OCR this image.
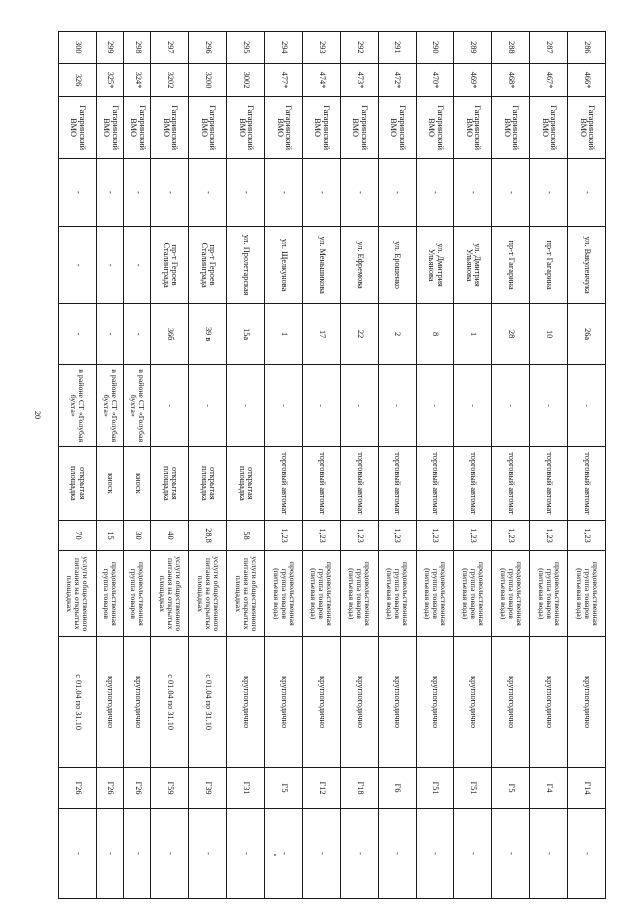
20
286	466*	Гагаринский ВМО	-	ул. Вакуленчука	26а	-	торговый автомат	1,23	продовольственная группа товаров (питьевая вода)	круглогодично	Г14	-
287	467*	Гагаринский ВМО	-	пр-т Гагарина	10	-	торговый автомат	1,23	продовольственная группа товаров (питьевая вода)	круглогодично	Г4	-
288	468*	Гагаринский ВМО	-	пр-т Гагарина	28	-	торговый автомат	1,23	продовольственная группа товаров (питьевая вода)	круглогодично	Г5	-
289	469*	Гагаринский ВМО	-	ул. Дмитрия Ульянова	1	-	торговый автомат	1,23	продовольственная группа товаров (питьевая вода)	круглогодично	Г51	-
290	470*	Гагаринский ВМО	-	ул. Дмитрия Ульянова	8	-	торговый автомат	1,23	продовольственная группа товаров (питьевая вода)	круглогодично	Г51	-
291	472*	Гагаринский ВМО	-	ул. Ерошенко	2	-	торговый автомат	1,23	продовольственная группа товаров (питьевая вода)	круглогодично	Г6	-
292	473*	Гагаринский ВМО	-	ул. Ефремова	22	-	торговый автомат	1,23	продовольственная группа товаров (питьевая вода)	круглогодично	Г18	-
293	474*	Гагаринский ВМО	-	ул. Меньшикова	17	-	торговый автомат	1,23	продовольственная группа товаров (питьевая вода)	круглогодично	Г12	-
294	477*	Гагаринский ВМО	-	ул. Щелкунова	1	-	торговый автомат	1,23	продовольственная группа товаров (питьевая вода)	круглогодично	Г5	-
295	3002	Гагаринский ВМО	-	ул. Пролетарская	15а	-	открытая площадка	58	услуги общественного питания на открытых площадках	круглогодично	Г31	-
296	3200	Гагаринский ВМО	-	пр-т Героев Сталинграда	39 в	-	открытая площадка	28,8	услуги общественного питания на открытых площадках	с 01.04 по 31.10	Г39	-
297	3202	Гагаринский ВМО	-	пр-т Героев Сталинграда	36б	-	открытая площадка	40	услуги общественного питания на открытых площадках	с 01.04 по 31.10	Г59	-
298	324*	Гагаринский ВМО	-	-	-	в районе СТ «Голубая бухта»	киоск	30	продовольственная группа товаров	круглогодично	Г26	-
299	325*	Гагаринский ВМО	-	-	-	в районе СТ «Голубая бухта»	киоск	15	продовольственная группа товаров	круглогодично	Г26	-
300	326	Гагаринский ВМО	-	-	-	в районе СТ «Голубая бухта»	открытая площадка	70	услуги общественного питания на открытых площадках	с 01.04 по 31.10	Г26	-
